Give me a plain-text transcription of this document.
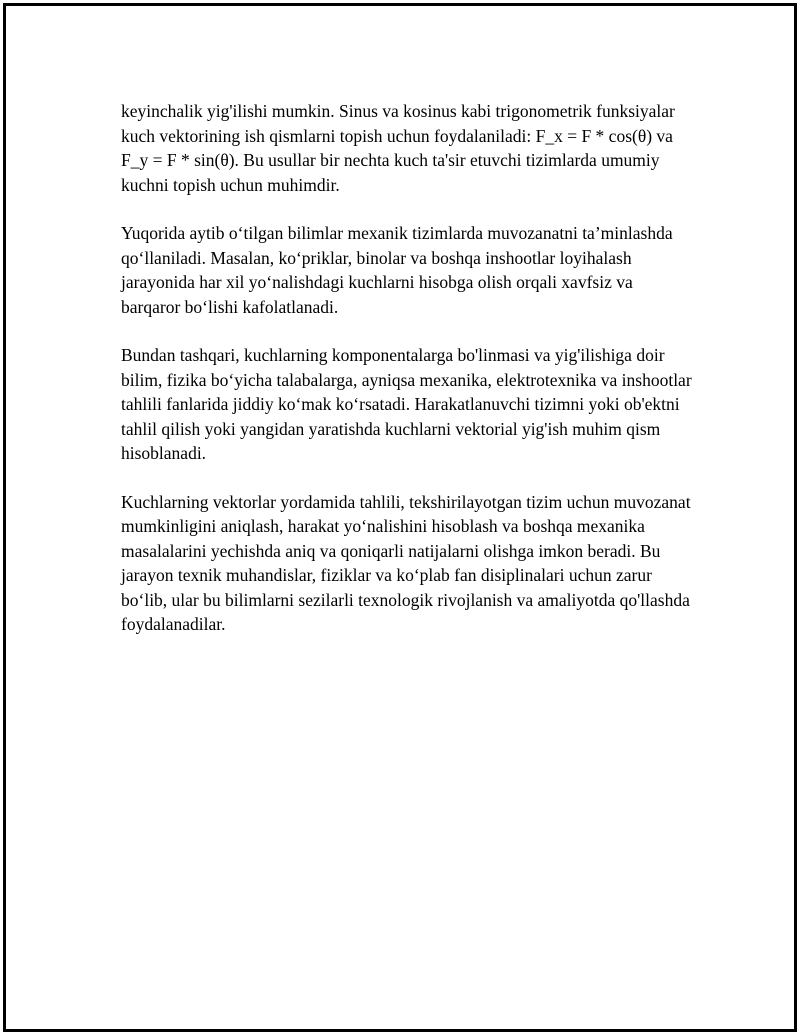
keyinchalik yig'ilishi mumkin. Sinus va kosinus kabi trigonometrik funksiyalar kuch vektorining ish qismlarni topish uchun foydalaniladi: F_x = F * cos(θ) va F_y = F * sin(θ). Bu usullar bir nechta kuch ta'sir etuvchi tizimlarda umumiy kuchni topish uchun muhimdir.

Yuqorida aytib o‘tilgan bilimlar mexanik tizimlarda muvozanatni ta’minlashda qo‘llaniladi. Masalan, ko‘priklar, binolar va boshqa inshootlar loyihalash jarayonida har xil yo‘nalishdagi kuchlarni hisobga olish orqali xavfsiz va barqaror bo‘lishi kafolatlanadi.

Bundan tashqari, kuchlarning komponentalarga bo'linmasi va yig'ilishiga doir bilim, fizika bo‘yicha talabalarga, ayniqsa mexanika, elektrotexnika va inshootlar tahlili fanlarida jiddiy ko‘mak ko‘rsatadi. Harakatlanuvchi tizimni yoki ob'ektni tahlil qilish yoki yangidan yaratishda kuchlarni vektorial yig'ish muhim qism hisoblanadi.

Kuchlarning vektorlar yordamida tahlili, tekshirilayotgan tizim uchun muvozanat mumkinligini aniqlash, harakat yo‘nalishini hisoblash va boshqa mexanika masalalarini yechishda aniq va qoniqarli natijalarni olishga imkon beradi. Bu jarayon texnik muhandislar, fiziklar va ko‘plab fan disiplinalari uchun zarur bo‘lib, ular bu bilimlarni sezilarli texnologik rivojlanish va amaliyotda qo'llashda foydalanadilar.
